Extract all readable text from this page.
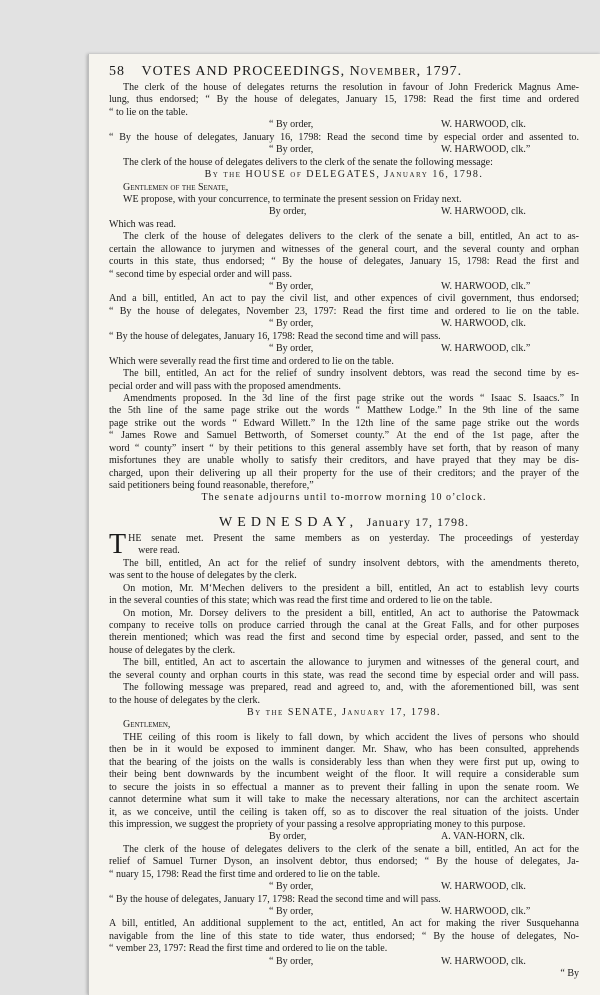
58 VOTES AND PROCEEDINGS, November, 1797.
The clerk of the house of delegates returns the resolution in favour of John Frederick Magnus Ame-
lung, thus endorsed; “ By the house of delegates, January 15, 1798: Read the first time and ordered
“ to lie on the table.
“ By order,	W. HARWOOD, clk.
“ By the house of delegates, January 16, 1798: Read the second time by especial order and assented to.
“ By order,	W. HARWOOD, clk.”
The clerk of the house of delegates delivers to the clerk of the senate the following message:
By the HOUSE of DELEGATES, January 16, 1798.
Gentlemen of the Senate,
WE propose, with your concurrence, to terminate the present session on Friday next.
By order,	W. HARWOOD, clk.
Which was read.
The clerk of the house of delegates delivers to the clerk of the senate a bill, entitled, An act to as-
certain the allowance to jurymen and witnesses of the general court, and the several county and orphan
courts in this state, thus endorsed; “ By the house of delegates, January 15, 1798: Read the first and
“ second time by especial order and will pass.
“ By order,	W. HARWOOD, clk.”
And a bill, entitled, An act to pay the civil list, and other expences of civil government, thus endorsed;
“ By the house of delegates, November 23, 1797: Read the first time and ordered to lie on the table.
“ By order,	W. HARWOOD, clk.
“ By the house of delegates, January 16, 1798: Read the second time and will pass.
“ By order,	W. HARWOOD, clk.”
Which were severally read the first time and ordered to lie on the table.
The bill, entitled, An act for the relief of sundry insolvent debtors, was read the second time by es-
pecial order and will pass with the proposed amendments.
Amendments proposed. In the 3d line of the first page strike out the words “ Isaac S. Isaacs.” In
the 5th line of the same page strike out the words “ Matthew Lodge.” In the 9th line of the same
page strike out the words “ Edward Willett.” In the 12th line of the same page strike out the words
“ James Rowe and Samuel Bettworth, of Somerset county.” At the end of the 1st page, after the
word “ county” insert “ by their petitions to this general assembly have set forth, that by reason of many
misfortunes they are unable wholly to satisfy their creditors, and have prayed that they may be dis-
charged, upon their delivering up all their property for the use of their creditors; and the prayer of the
said petitioners being found reasonable, therefore,”
The senate adjourns until to-morrow morning 10 o’clock.
WEDNESDAY, January 17, 1798.
T HE senate met. Present the same members as on yesterday. The proceedings of yesterday
were read.
The bill, entitled, An act for the relief of sundry insolvent debtors, with the amendments thereto,
was sent to the house of delegates by the clerk.
On motion, Mr. M‘Mechen delivers to the president a bill, entitled, An act to establish levy courts
in the several counties of this state; which was read the first time and ordered to lie on the table.
On motion, Mr. Dorsey delivers to the president a bill, entitled, An act to authorise the Patowmack
company to receive tolls on produce carried through the canal at the Great Falls, and for other purposes
therein mentioned; which was read the first and second time by especial order, passed, and sent to the
house of delegates by the clerk.
The bill, entitled, An act to ascertain the allowance to jurymen and witnesses of the general court, and
the several county and orphan courts in this state, was read the second time by especial order and will pass.
The following message was prepared, read and agreed to, and, with the aforementioned bill, was sent
to the house of delegates by the clerk.
By the SENATE, January 17, 1798.
Gentlemen,
THE ceiling of this room is likely to fall down, by which accident the lives of persons who should
then be in it would be exposed to imminent danger. Mr. Shaw, who has been consulted, apprehends
that the bearing of the joists on the walls is considerably less than when they were first put up, owing to
their being bent downwards by the incumbent weight of the floor. It will require a considerable sum
to secure the joists in so effectual a manner as to prevent their falling in upon the senate room. We
cannot determine what sum it will take to make the necessary alterations, nor can the architect ascertain
it, as we conceive, until the ceiling is taken off, so as to discover the real situation of the joists. Under
this impression, we suggest the propriety of your passing a resolve appropriating money to this purpose.
By order,	A. VAN-HORN, clk.
The clerk of the house of delegates delivers to the clerk of the senate a bill, entitled, An act for the
relief of Samuel Turner Dyson, an insolvent debtor, thus endorsed; “ By the house of delegates, Ja-
“ nuary 15, 1798: Read the first time and ordered to lie on the table.
“ By order,	W. HARWOOD, clk.
“ By the house of delegates, January 17, 1798: Read the second time and will pass.
“ By order,	W. HARWOOD, clk.”
A bill, entitled, An additional supplement to the act, entitled, An act for making the river Susquehanna
navigable from the line of this state to tide water, thus endorsed; “ By the house of delegates, No-
“ vember 23, 1797: Read the first time and ordered to lie on the table.
“ By order,	W. HARWOOD, clk.
“ By
